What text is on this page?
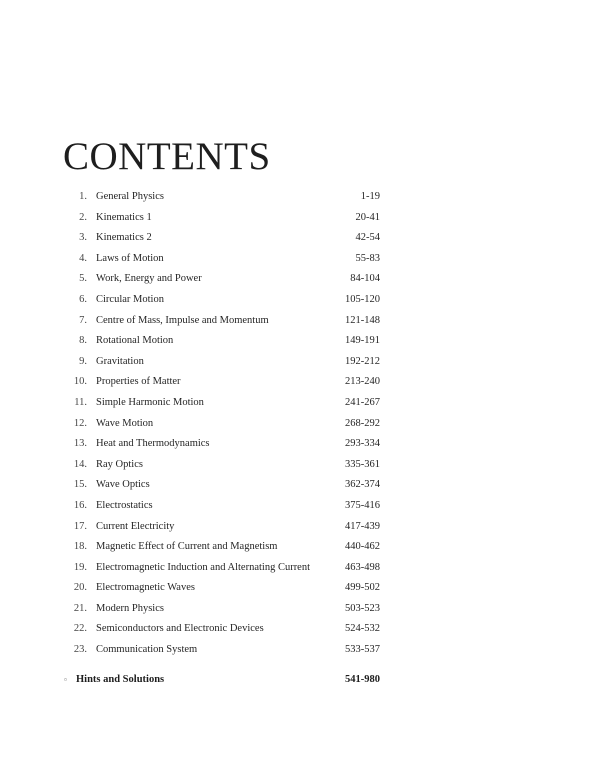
CONTENTS
1. General Physics	1-19
2. Kinematics 1	20-41
3. Kinematics 2	42-54
4. Laws of Motion	55-83
5. Work, Energy and Power	84-104
6. Circular Motion	105-120
7. Centre of Mass, Impulse and Momentum	121-148
8. Rotational Motion	149-191
9. Gravitation	192-212
10. Properties of Matter	213-240
11. Simple Harmonic Motion	241-267
12. Wave Motion	268-292
13. Heat and Thermodynamics	293-334
14. Ray Optics	335-361
15. Wave Optics	362-374
16. Electrostatics	375-416
17. Current Electricity	417-439
18. Magnetic Effect of Current and Magnetism	440-462
19. Electromagnetic Induction and Alternating Current	463-498
20. Electromagnetic Waves	499-502
21. Modern Physics	503-523
22. Semiconductors and Electronic Devices	524-532
23. Communication System	533-537
▫ Hints and Solutions	541-980
